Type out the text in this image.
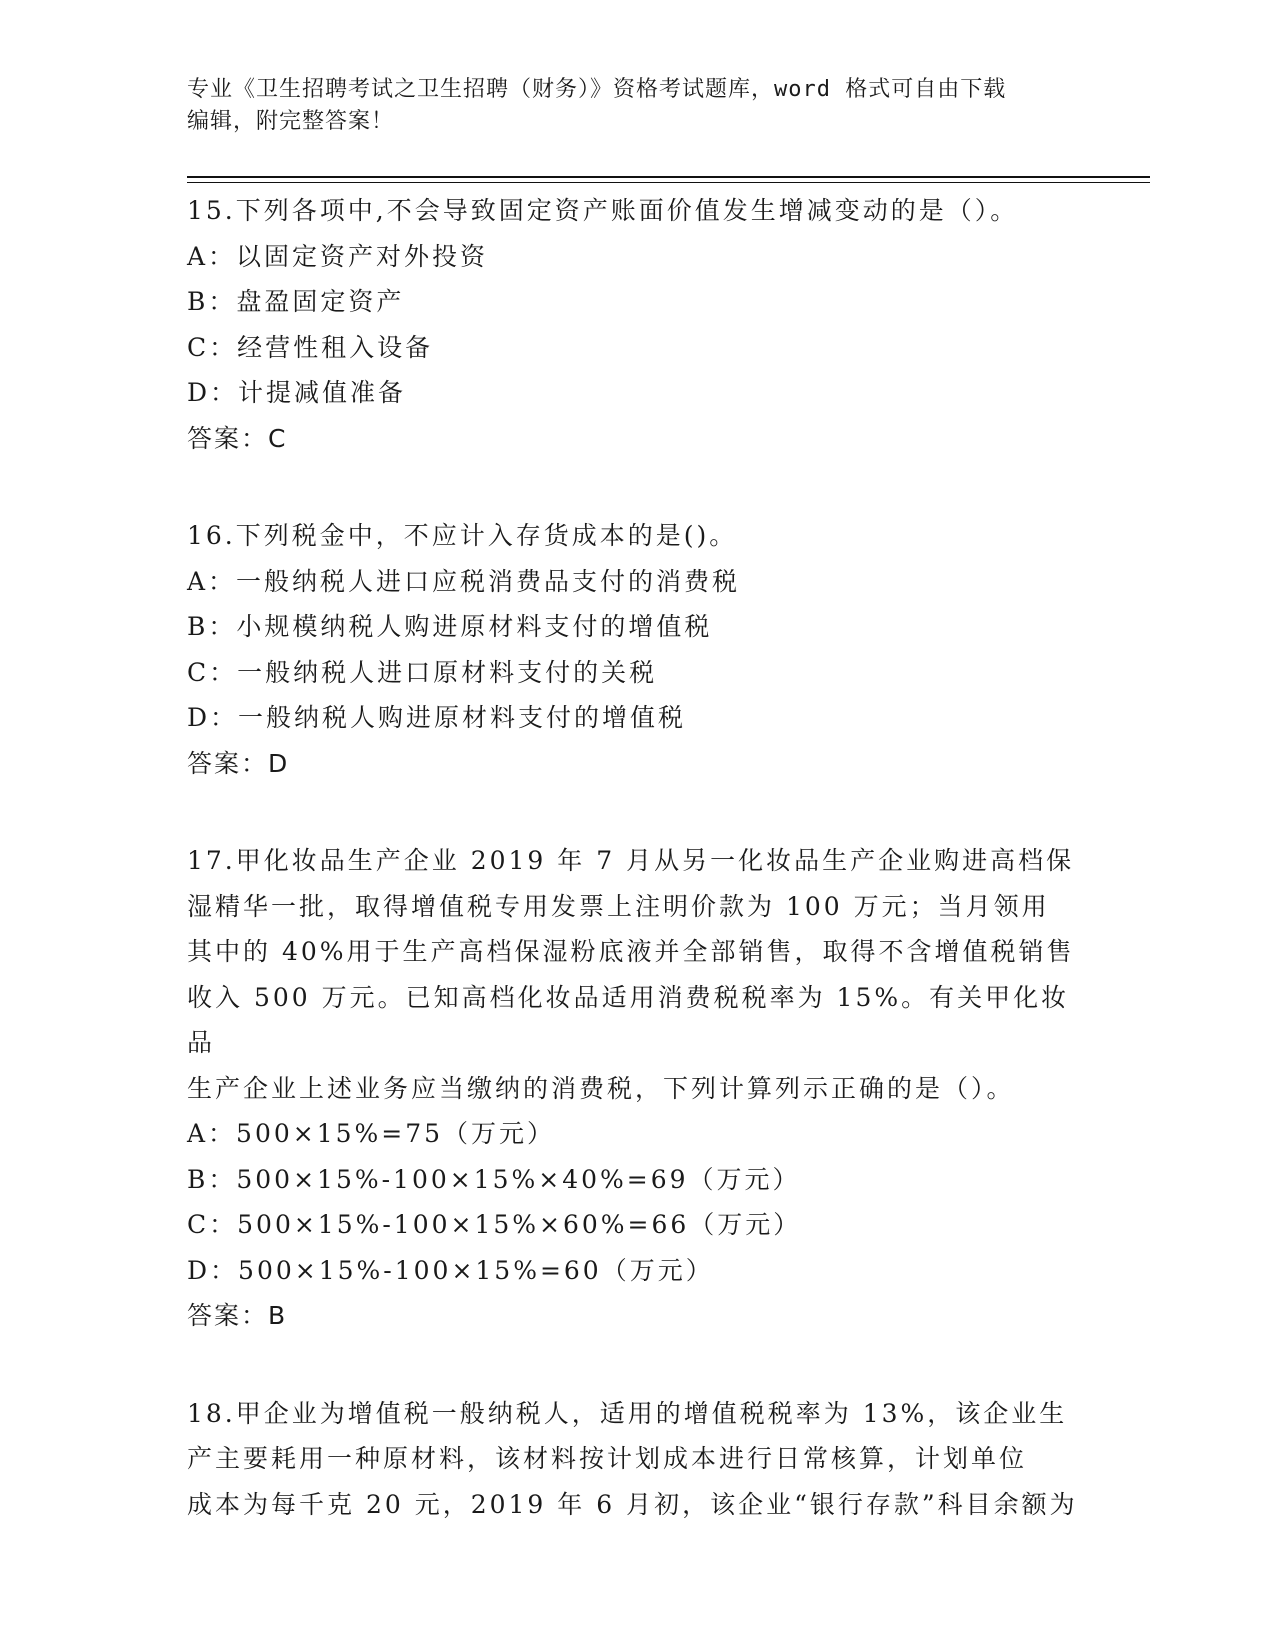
专业《卫生招聘考试之卫生招聘（财务）》资格考试题库，word 格式可自由下载

编辑，附完整答案！

15.下列各项中,不会导致固定资产账面价值发生增减变动的是（）。

A：以固定资产对外投资

B：盘盈固定资产

C：经营性租入设备

D：计提减值准备

答案：C

16.下列税金中，不应计入存货成本的是()。

A：一般纳税人进口应税消费品支付的消费税

B：小规模纳税人购进原材料支付的增值税

C：一般纳税人进口原材料支付的关税

D：一般纳税人购进原材料支付的增值税

答案：D

17.甲化妆品生产企业 2019 年 7 月从另一化妆品生产企业购进高档保

湿精华一批，取得增值税专用发票上注明价款为 100 万元；当月领用

其中的 40%用于生产高档保湿粉底液并全部销售，取得不含增值税销售

收入 500 万元。已知高档化妆品适用消费税税率为 15%。有关甲化妆品

生产企业上述业务应当缴纳的消费税，下列计算列示正确的是（）。

A：500×15%=75（万元）

B：500×15%-100×15%×40%=69（万元）

C：500×15%-100×15%×60%=66（万元）

D：500×15%-100×15%=60（万元）

答案：B

18.甲企业为增值税一般纳税人，适用的增值税税率为 13%，该企业生

产主要耗用一种原材料，该材料按计划成本进行日常核算，计划单位

成本为每千克 20 元，2019 年 6 月初，该企业“银行存款”科目余额为
